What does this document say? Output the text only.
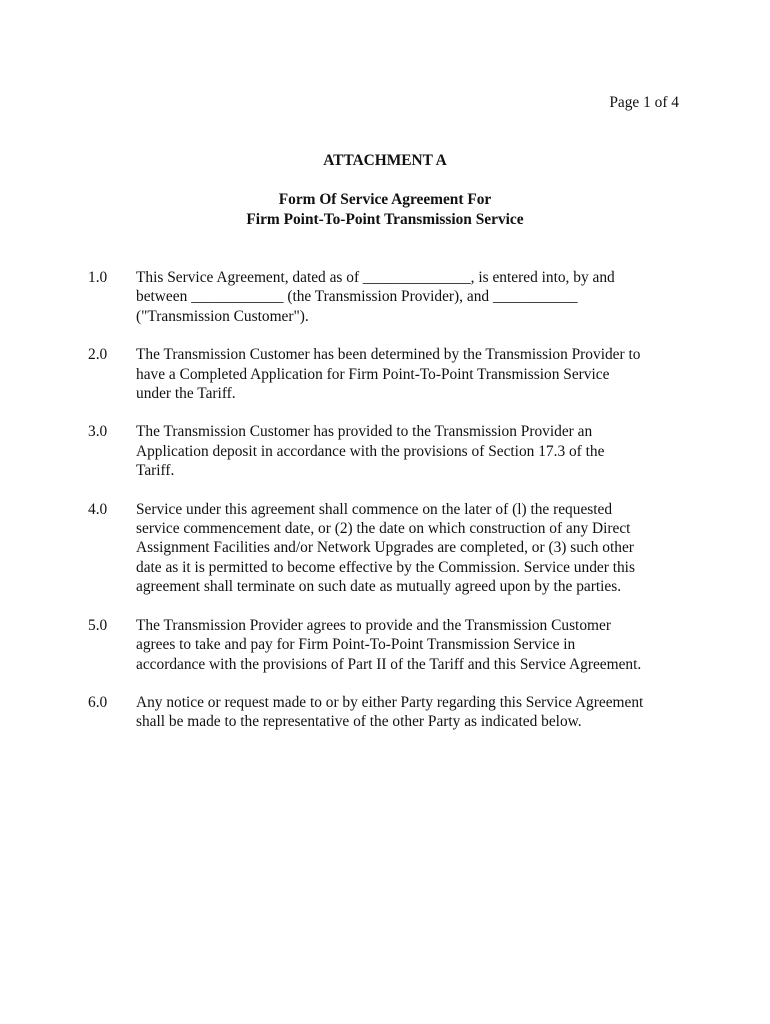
Page 1 of 4
ATTACHMENT A
Form Of Service Agreement For
Firm Point-To-Point Transmission Service
1.0	This Service Agreement, dated as of ______________, is entered into, by and
between ____________ (the Transmission Provider), and ___________
("Transmission Customer").
2.0	The Transmission Customer has been determined by the Transmission Provider to
have a Completed Application for Firm Point-To-Point Transmission Service
under the Tariff.
3.0	The Transmission Customer has provided to the Transmission Provider an
Application deposit in accordance with the provisions of Section 17.3 of the
Tariff.
4.0	Service under this agreement shall commence on the later of (l) the requested
service commencement date, or (2) the date on which construction of any Direct
Assignment Facilities and/or Network Upgrades are completed, or (3) such other
date as it is permitted to become effective by the Commission. Service under this
agreement shall terminate on such date as mutually agreed upon by the parties.
5.0	The Transmission Provider agrees to provide and the Transmission Customer
agrees to take and pay for Firm Point-To-Point Transmission Service in
accordance with the provisions of Part II of the Tariff and this Service Agreement.
6.0	Any notice or request made to or by either Party regarding this Service Agreement
shall be made to the representative of the other Party as indicated below.
